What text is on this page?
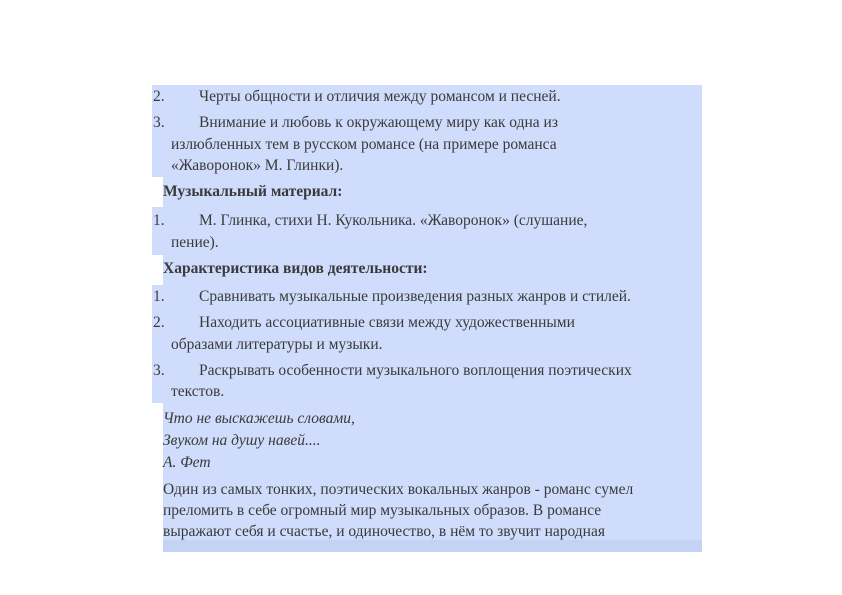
2. Черты общности и отличия между романсом и песней.
3. Внимание и любовь к окружающему миру как одна из
излюбленных тем в русском романсе (на примере романса
«Жаворонок» М. Глинки).
Музыкальный материал:
1. М. Глинка, стихи Н. Кукольника. «Жаворонок» (слушание,
пение).
Характеристика видов деятельности:
1. Сравнивать музыкальные произведения разных жанров и стилей.
2. Находить ассоциативные связи между художественными
образами литературы и музыки.
3. Раскрывать особенности музыкального воплощения поэтических
текстов.
Что не выскажешь словами,
Звуком на душу навей....
А. Фет
Один из самых тонких, поэтических вокальных жанров - романс сумел
преломить в себе огромный мир музыкальных образов. В романсе
выражают себя и счастье, и одиночество, в нём то звучит народная
